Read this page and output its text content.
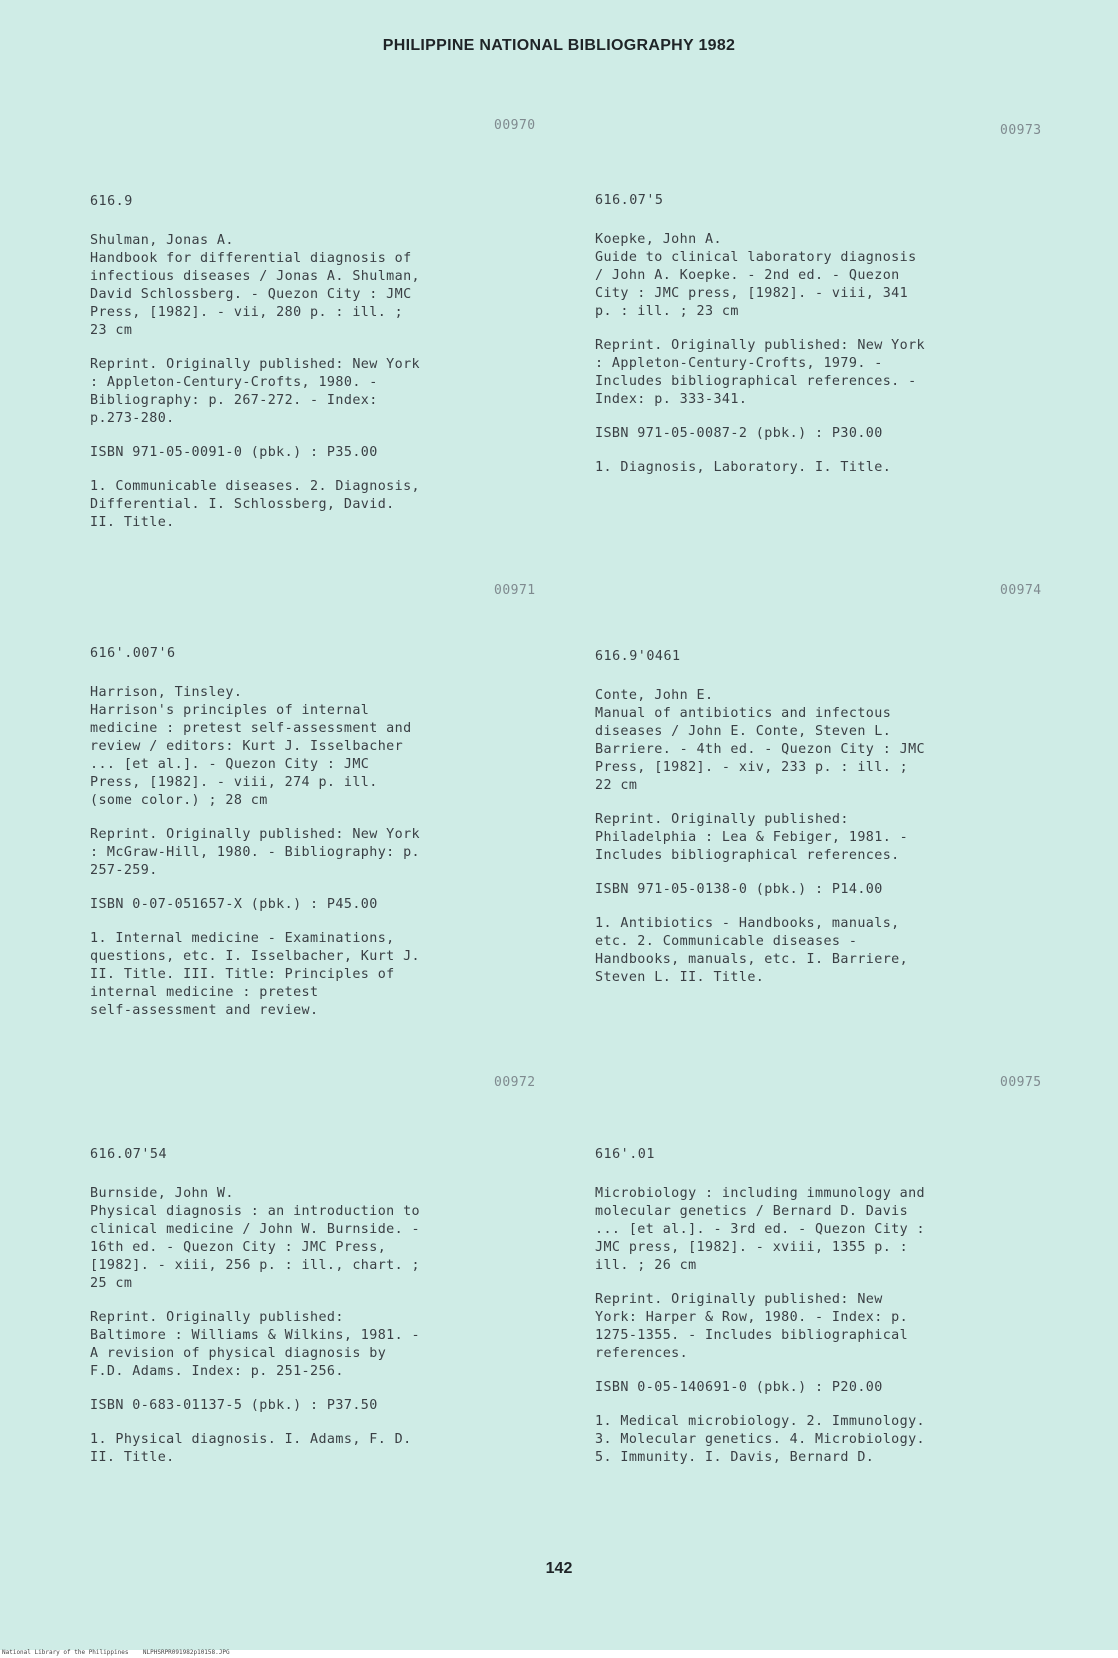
PHILIPPINE NATIONAL BIBLIOGRAPHY 1982
00970
616.9
Shulman, Jonas A.
Handbook for differential diagnosis of
infectious diseases / Jonas A. Shulman,
David Schlossberg. - Quezon City : JMC
Press, [1982]. - vii, 280 p. : ill. ;
23 cm
Reprint. Originally published: New York
: Appleton-Century-Crofts, 1980. -
Bibliography: p. 267-272. - Index:
p.273-280.
ISBN 971-05-0091-0 (pbk.) : P35.00
1. Communicable diseases. 2. Diagnosis,
Differential. I. Schlossberg, David.
II. Title.
00971
616'.007'6
Harrison, Tinsley.
Harrison's principles of internal
medicine : pretest self-assessment and
review / editors: Kurt J. Isselbacher
... [et al.]. - Quezon City : JMC
Press, [1982]. - viii, 274 p. ill.
(some color.) ; 28 cm
Reprint. Originally published: New York
: McGraw-Hill, 1980. - Bibliography: p.
257-259.
ISBN 0-07-051657-X (pbk.) : P45.00
1. Internal medicine - Examinations,
questions, etc. I. Isselbacher, Kurt J.
II. Title. III. Title: Principles of
internal medicine : pretest
self-assessment and review.
00972
616.07'54
Burnside, John W.
Physical diagnosis : an introduction to
clinical medicine / John W. Burnside. -
16th ed. - Quezon City : JMC Press,
[1982]. - xiii, 256 p. : ill., chart. ;
25 cm
Reprint. Originally published:
Baltimore : Williams & Wilkins, 1981. -
A revision of physical diagnosis by
F.D. Adams. Index: p. 251-256.
ISBN 0-683-01137-5 (pbk.) : P37.50
1. Physical diagnosis. I. Adams, F. D.
II. Title.
00973
616.07'5
Koepke, John A.
Guide to clinical laboratory diagnosis
/ John A. Koepke. - 2nd ed. - Quezon
City : JMC press, [1982]. - viii, 341
p. : ill. ; 23 cm
Reprint. Originally published: New York
: Appleton-Century-Crofts, 1979. -
Includes bibliographical references. -
Index: p. 333-341.
ISBN 971-05-0087-2 (pbk.) : P30.00
1. Diagnosis, Laboratory. I. Title.
00974
616.9'0461
Conte, John E.
Manual of antibiotics and infectous
diseases / John E. Conte, Steven L.
Barriere. - 4th ed. - Quezon City : JMC
Press, [1982]. - xiv, 233 p. : ill. ;
22 cm
Reprint. Originally published:
Philadelphia : Lea & Febiger, 1981. -
Includes bibliographical references.
ISBN 971-05-0138-0 (pbk.) : P14.00
1. Antibiotics - Handbooks, manuals,
etc. 2. Communicable diseases -
Handbooks, manuals, etc. I. Barriere,
Steven L. II. Title.
00975
616'.01
Microbiology : including immunology and
molecular genetics / Bernard D. Davis
... [et al.]. - 3rd ed. - Quezon City :
JMC press, [1982]. - xviii, 1355 p. :
ill. ; 26 cm
Reprint. Originally published: New
York: Harper & Row, 1980. - Index: p.
1275-1355. - Includes bibliographical
references.
ISBN 0-05-140691-0 (pbk.) : P20.00
1. Medical microbiology. 2. Immunology.
3. Molecular genetics. 4. Microbiology.
5. Immunity. I. Davis, Bernard D.
142
National Library of the Philippines NLPHSRPR091982p10158.JPG
